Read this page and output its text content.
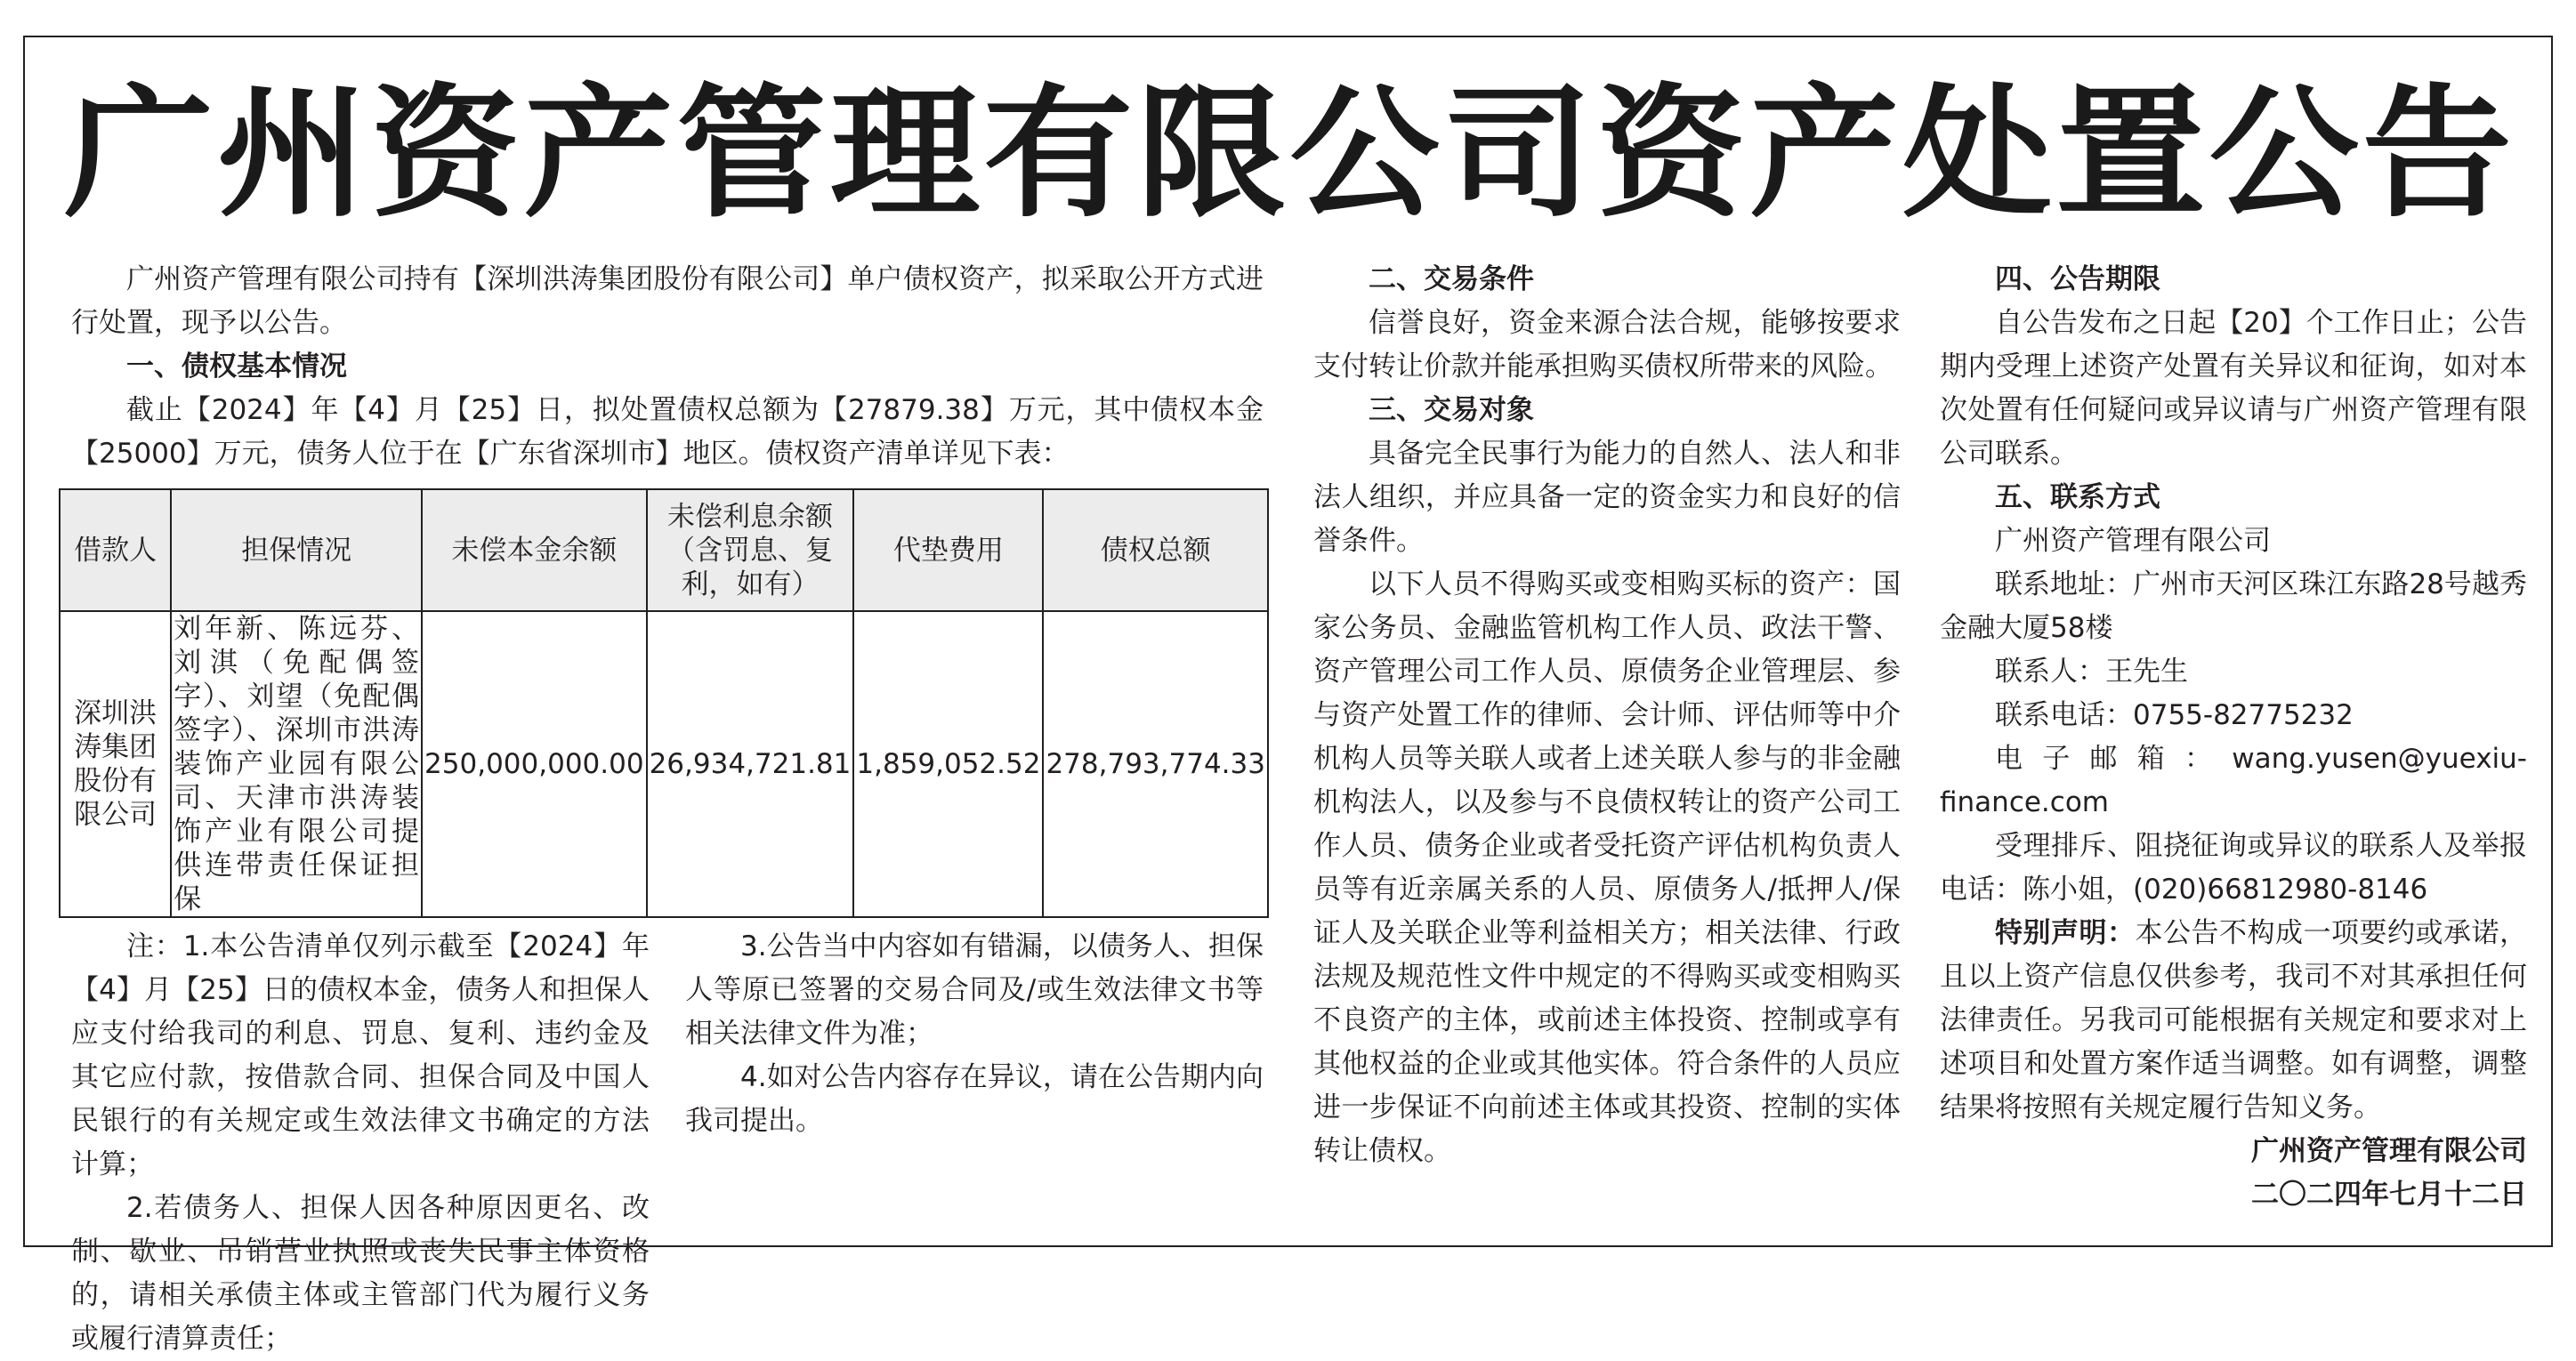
广州资产管理有限公司资产处置公告

广州资产管理有限公司持有【深圳洪涛集团股份有限公司】单户债权资产，拟采取公开方式进行处置，现予以公告。

一、债权基本情况

截止【2024】年【4】月【25】日，拟处置债权总额为【27879.38】万元，其中债权本金【25000】万元，债务人位于在【广东省深圳市】地区。债权资产清单详见下表：

借款人	担保情况	未偿本金余额	未偿利息余额（含罚息、复利，如有）	代垫费用	债权总额
深圳洪涛集团股份有限公司	刘年新、陈远芬、刘淇（免配偶签字）、刘望（免配偶签字）、深圳市洪涛装饰产业园有限公司、天津市洪涛装饰产业有限公司提供连带责任保证担保	250,000,000.00	26,934,721.81	1,859,052.52	278,793,774.33

注：1.本公告清单仅列示截至【2024】年【4】月【25】日的债权本金，债务人和担保人应支付给我司的利息、罚息、复利、违约金及其它应付款，按借款合同、担保合同及中国人民银行的有关规定或生效法律文书确定的方法计算；

2.若债务人、担保人因各种原因更名、改制、歇业、吊销营业执照或丧失民事主体资格的，请相关承债主体或主管部门代为履行义务或履行清算责任；

3.公告当中内容如有错漏，以债务人、担保人等原已签署的交易合同及/或生效法律文书等相关法律文件为准；

4.如对公告内容存在异议，请在公告期内向我司提出。

二、交易条件

信誉良好，资金来源合法合规，能够按要求支付转让价款并能承担购买债权所带来的风险。

三、交易对象

具备完全民事行为能力的自然人、法人和非法人组织，并应具备一定的资金实力和良好的信誉条件。

以下人员不得购买或变相购买标的资产：国家公务员、金融监管机构工作人员、政法干警、资产管理公司工作人员、原债务企业管理层、参与资产处置工作的律师、会计师、评估师等中介机构人员等关联人或者上述关联人参与的非金融机构法人，以及参与不良债权转让的资产公司工作人员、债务企业或者受托资产评估机构负责人员等有近亲属关系的人员、原债务人/抵押人/保证人及关联企业等利益相关方；相关法律、行政法规及规范性文件中规定的不得购买或变相购买不良资产的主体，或前述主体投资、控制或享有其他权益的企业或其他实体。符合条件的人员应进一步保证不向前述主体或其投资、控制的实体转让债权。

四、公告期限

自公告发布之日起【20】个工作日止；公告期内受理上述资产处置有关异议和征询，如对本次处置有任何疑问或异议请与广州资产管理有限公司联系。

五、联系方式

广州资产管理有限公司

联系地址：广州市天河区珠江东路28号越秀金融大厦58楼

联系人：王先生

联系电话：0755-82775232

电子邮箱：wang.yusen@yuexiu-finance.com

受理排斥、阻挠征询或异议的联系人及举报电话：陈小姐，(020)66812980-8146

特别声明：本公告不构成一项要约或承诺，且以上资产信息仅供参考，我司不对其承担任何法律责任。另我司可能根据有关规定和要求对上述项目和处置方案作适当调整。如有调整，调整结果将按照有关规定履行告知义务。

广州资产管理有限公司

二〇二四年七月十二日
